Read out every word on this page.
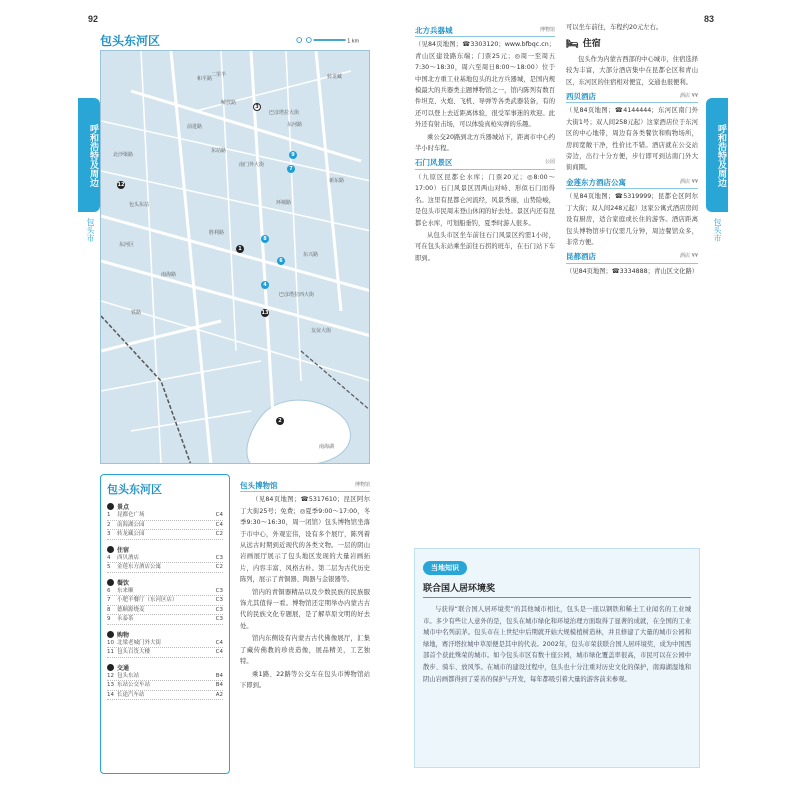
92	83
呼和浩特及周边
包头市
呼和浩特及周边
包头市
包头东河区	1 km
巴彦塔拉大街
环城路
和平路
东河路
南门外大街
包头东站
东站路
北沙梁路
南海路
东兴路
解放路
前进路
巴彦塔拉西大街
东河区
转龙藏
南海湖
新东路
胜利路
友谊大街
铁路
二里半
3
1
2
9
7
8
6
4
12
13
包头东河区
景点
1	昆都仑广场	C4
2	南海湖公园	C4
3	转龙藏公园	C2
住宿
4	西贝酒店	C3
5	金莲东方酒店公寓	C2
餐饮
6	东来顺	C3
7	小肥羊餐厅（东河区店）	C3
8	德顺源烧麦	C3
9	永泰茶	C3
购物
10 北梁老城门外大街	C4
11 包头百货大楼	C4
交通
12 包头东站	B4
13 东站公交车站	B4
14 长途汽车站	A2
包头博物馆	博物馆

（见84页地图；☎5317610；昆区阿尔丁大街25号；免费；◎夏季9:00～17:00，冬季9:30～16:30，周一闭馆）包头博物馆坐落于市中心，外观宏伟，设有多个展厅，陈列着从远古时期到近现代的各类文物。一层的阴山岩画展厅展示了包头地区发现的大量岩画拓片，内容丰富、风格古朴。第二层为古代历史陈列，展示了青铜器、陶器与金银器等。

馆内的青铜器精品以及少数民族的民族服饰尤其值得一看。博物馆还定期举办内蒙古古代的民族文化专题展，是了解草原文明的好去处。

馆内东侧设有内蒙古古代佛像展厅，汇集了藏传佛教的珍贵造像，展品精美，工艺独特。

乘1路、22路等公交车在包头市博物馆站下即到。

北方兵器城	博物馆

（见84页地图；☎3303120；www.bfbqc.cn；青山区建设路东端；门票25元；◎周一至周五7:30～18:30，周六至周日8:00～18:00）位于中国北方重工业基地包头的北方兵器城，是国内规模最大的兵器类主题博物馆之一，馆内陈列有数百件坦克、火炮、飞机、导弹等各类武器装备，有的还可以登上去近距离体验，很受军事迷的欢迎。此外还有射击场，可以体验真枪实弹的乐趣。

乘公交20路到北方兵器城站下，距离市中心约半小时车程。

石门风景区	公园

（九原区昆都仑水库；门票20元；◎8:00～17:00）石门风景区因两山对峙、形似石门而得名。这里有昆都仑河流经，风景秀丽，山势险峻，是包头市民周末登山休闲的好去处。景区内还有昆都仑水库，可划船垂钓，夏季时游人很多。

从包头市区坐车前往石门风景区约需1小时，可在包头东站乘坐前往石拐的班车，在石门站下车即到。

可以坐车前往，车程约20元左右。

🛏 住宿

包头作为内蒙古西部的中心城市，住宿选择较为丰富，大部分酒店集中在昆都仑区和青山区，东河区的住宿相对便宜，交通也很便利。

西贝酒店	酒店 ¥¥

（见84页地图；☎4144444；东河区南门外大街1号；双人间258元起）这家酒店位于东河区的中心地带，周边有各类餐饮和购物场所，房间宽敞干净，性价比不错。酒店就在公交站旁边，出行十分方便，步行即可到达南门外大街商圈。

金莲东方酒店公寓	酒店 ¥¥

（见84页地图；☎5319999；昆都仑区阿尔丁大街；双人间248元起）这家公寓式酒店房间设有厨房，适合家庭或长住的游客。酒店距离包头博物馆步行仅需几分钟，周边餐馆众多，非常方便。

昆都酒店	酒店 ¥¥

（见84页地图；☎3334888；青山区文化路）

当地知识
联合国人居环境奖

与获得“联合国人居环境奖”的其他城市相比，包头是一座以钢铁和稀土工业闻名的工业城市。多少有些让人意外的是，包头在城市绿化和环境治理方面取得了显著的成就，在全国的工业城市中名列前茅。包头市在上世纪中后期就开始大规模植树造林，并且修建了大量的城市公园和绿地，赛汗塔拉城中草原便是其中的代表。2002年，包头市荣获联合国人居环境奖，成为中国西部首个获此殊荣的城市。如今包头市区有数十座公园，城市绿化覆盖率很高，市民可以在公园中散步、骑车、放风筝。在城市的建设过程中，包头也十分注重对历史文化的保护，南海湖湿地和阴山岩画都得到了妥善的保护与开发，每年都吸引着大量的游客前来参观。
